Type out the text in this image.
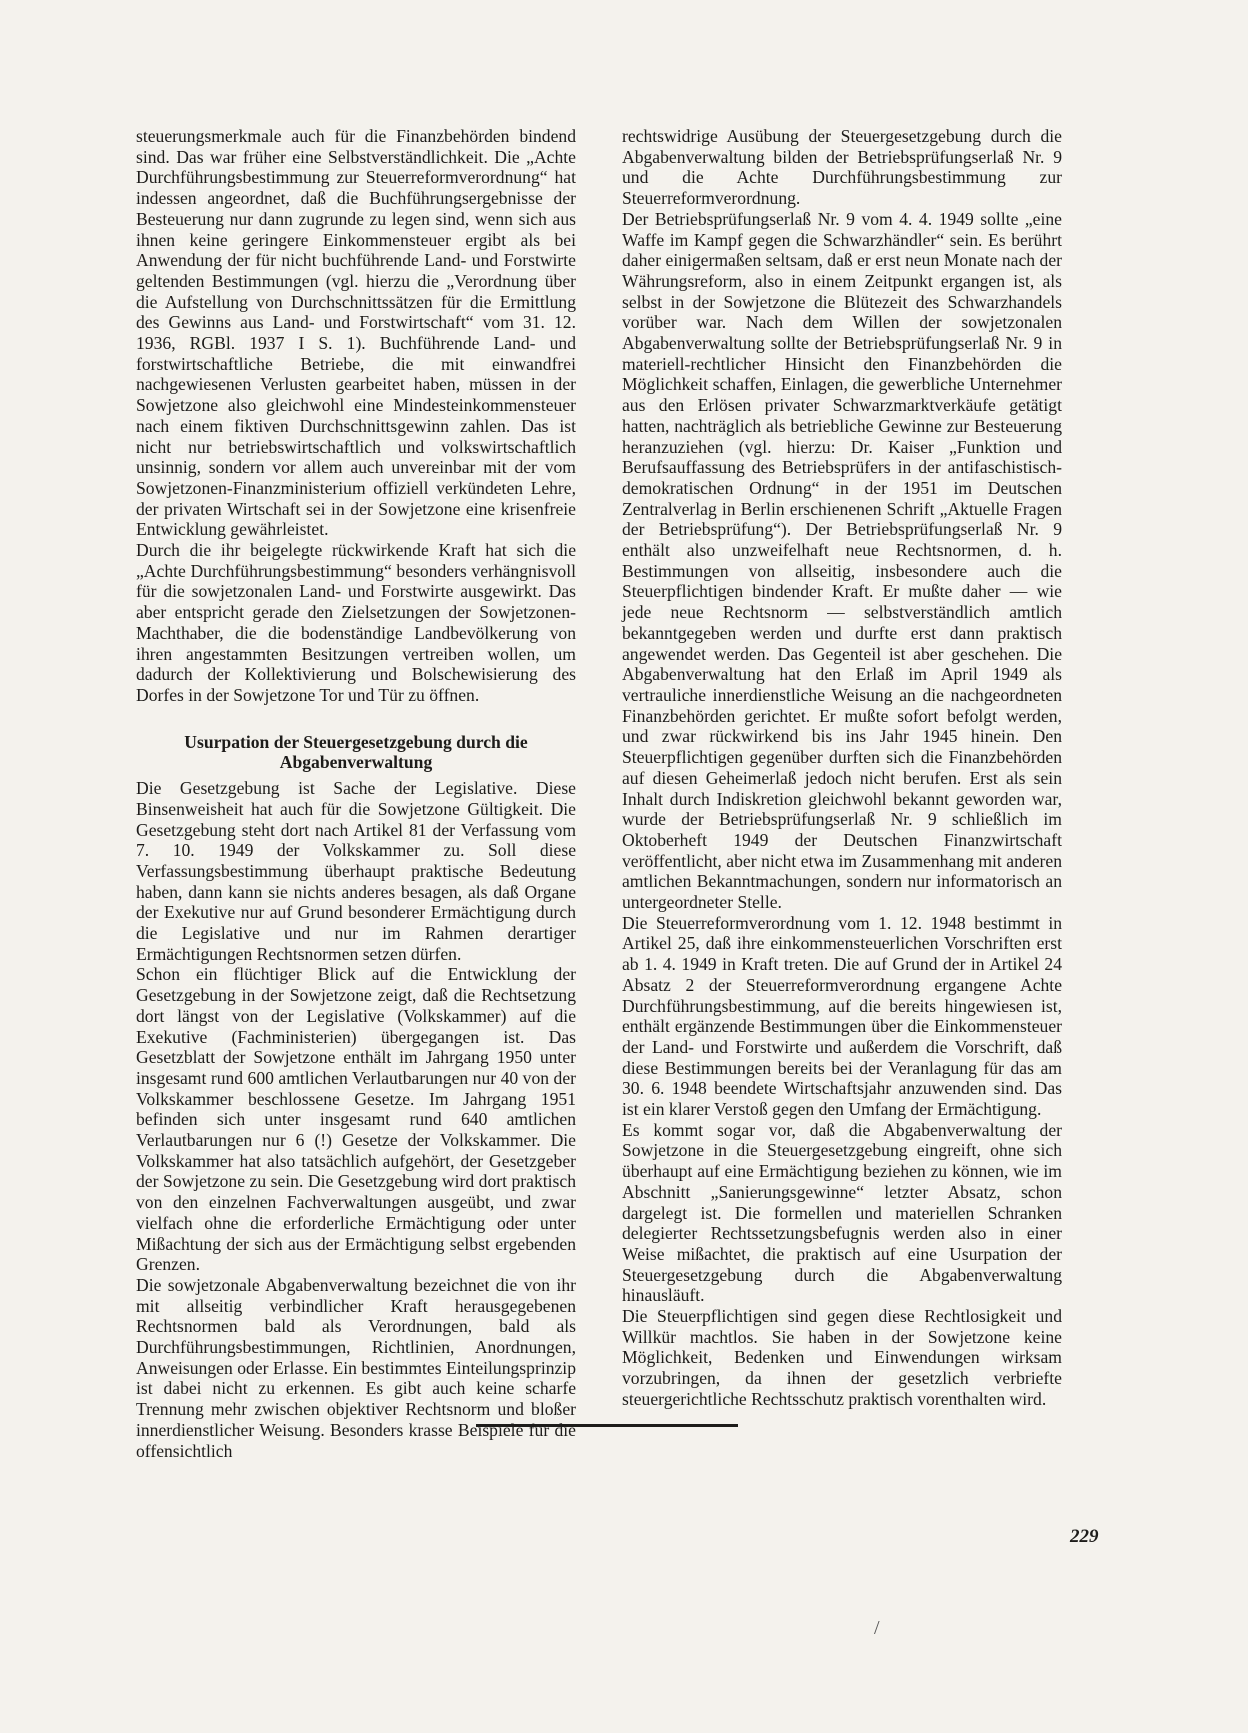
steuerungsmerkmale auch für die Finanzbehörden bindend sind. Das war früher eine Selbstverständlichkeit. Die „Achte Durchführungsbestimmung zur Steuerreformverordnung“ hat indessen angeordnet, daß die Buchführungsergebnisse der Besteuerung nur dann zugrunde zu legen sind, wenn sich aus ihnen keine geringere Einkommensteuer ergibt als bei Anwendung der für nicht buchführende Land- und Forstwirte geltenden Bestimmungen (vgl. hierzu die „Verordnung über die Aufstellung von Durchschnittssätzen für die Ermittlung des Gewinns aus Land- und Forstwirtschaft“ vom 31. 12. 1936, RGBl. 1937 I S. 1). Buchführende Land- und forstwirtschaftliche Betriebe, die mit einwandfrei nachgewiesenen Verlusten gearbeitet haben, müssen in der Sowjetzone also gleichwohl eine Mindesteinkommensteuer nach einem fiktiven Durchschnittsgewinn zahlen. Das ist nicht nur betriebswirtschaftlich und volkswirtschaftlich unsinnig, sondern vor allem auch unvereinbar mit der vom Sowjetzonen-Finanzministerium offiziell verkündeten Lehre, der privaten Wirtschaft sei in der Sowjetzone eine krisenfreie Entwicklung gewährleistet.

Durch die ihr beigelegte rückwirkende Kraft hat sich die „Achte Durchführungsbestimmung“ besonders verhängnisvoll für die sowjetzonalen Land- und Forstwirte ausgewirkt. Das aber entspricht gerade den Zielsetzungen der Sowjetzonen-Machthaber, die die bodenständige Landbevölkerung von ihren angestammten Besitzungen vertreiben wollen, um dadurch der Kollektivierung und Bolschewisierung des Dorfes in der Sowjetzone Tor und Tür zu öffnen.

Usurpation der Steuergesetzgebung durch die Abgabenverwaltung

Die Gesetzgebung ist Sache der Legislative. Diese Binsenweisheit hat auch für die Sowjetzone Gültigkeit. Die Gesetzgebung steht dort nach Artikel 81 der Verfassung vom 7. 10. 1949 der Volkskammer zu. Soll diese Verfassungsbestimmung überhaupt praktische Bedeutung haben, dann kann sie nichts anderes besagen, als daß Organe der Exekutive nur auf Grund besonderer Ermächtigung durch die Legislative und nur im Rahmen derartiger Ermächtigungen Rechtsnormen setzen dürfen.

Schon ein flüchtiger Blick auf die Entwicklung der Gesetzgebung in der Sowjetzone zeigt, daß die Rechtsetzung dort längst von der Legislative (Volkskammer) auf die Exekutive (Fachministerien) übergegangen ist. Das Gesetzblatt der Sowjetzone enthält im Jahrgang 1950 unter insgesamt rund 600 amtlichen Verlautbarungen nur 40 von der Volkskammer beschlossene Gesetze. Im Jahrgang 1951 befinden sich unter insgesamt rund 640 amtlichen Verlautbarungen nur 6 (!) Gesetze der Volkskammer. Die Volkskammer hat also tatsächlich aufgehört, der Gesetzgeber der Sowjetzone zu sein. Die Gesetzgebung wird dort praktisch von den einzelnen Fachverwaltungen ausgeübt, und zwar vielfach ohne die erforderliche Ermächtigung oder unter Mißachtung der sich aus der Ermächtigung selbst ergebenden Grenzen.

Die sowjetzonale Abgabenverwaltung bezeichnet die von ihr mit allseitig verbindlicher Kraft herausgegebenen Rechtsnormen bald als Verordnungen, bald als Durchführungsbestimmungen, Richtlinien, Anordnungen, Anweisungen oder Erlasse. Ein bestimmtes Einteilungsprinzip ist dabei nicht zu erkennen. Es gibt auch keine scharfe Trennung mehr zwischen objektiver Rechtsnorm und bloßer innerdienstlicher Weisung. Besonders krasse Beispiele für die offensichtlich

rechtswidrige Ausübung der Steuergesetzgebung durch die Abgabenverwaltung bilden der Betriebsprüfungserlaß Nr. 9 und die Achte Durchführungsbestimmung zur Steuerreformverordnung.

Der Betriebsprüfungserlaß Nr. 9 vom 4. 4. 1949 sollte „eine Waffe im Kampf gegen die Schwarzhändler“ sein. Es berührt daher einigermaßen seltsam, daß er erst neun Monate nach der Währungsreform, also in einem Zeitpunkt ergangen ist, als selbst in der Sowjetzone die Blütezeit des Schwarzhandels vorüber war. Nach dem Willen der sowjetzonalen Abgabenverwaltung sollte der Betriebsprüfungserlaß Nr. 9 in materiell-rechtlicher Hinsicht den Finanzbehörden die Möglichkeit schaffen, Einlagen, die gewerbliche Unternehmer aus den Erlösen privater Schwarzmarktverkäufe getätigt hatten, nachträglich als betriebliche Gewinne zur Besteuerung heranzuziehen (vgl. hierzu: Dr. Kaiser „Funktion und Berufsauffassung des Betriebsprüfers in der antifaschistisch-demokratischen Ordnung“ in der 1951 im Deutschen Zentralverlag in Berlin erschienenen Schrift „Aktuelle Fragen der Betriebsprüfung“). Der Betriebsprüfungserlaß Nr. 9 enthält also unzweifelhaft neue Rechtsnormen, d. h. Bestimmungen von allseitig, insbesondere auch die Steuerpflichtigen bindender Kraft. Er mußte daher — wie jede neue Rechtsnorm — selbstverständlich amtlich bekanntgegeben werden und durfte erst dann praktisch angewendet werden. Das Gegenteil ist aber geschehen. Die Abgabenverwaltung hat den Erlaß im April 1949 als vertrauliche innerdienstliche Weisung an die nachgeordneten Finanzbehörden gerichtet. Er mußte sofort befolgt werden, und zwar rückwirkend bis ins Jahr 1945 hinein. Den Steuerpflichtigen gegenüber durften sich die Finanzbehörden auf diesen Geheimerlaß jedoch nicht berufen. Erst als sein Inhalt durch Indiskretion gleichwohl bekannt geworden war, wurde der Betriebsprüfungserlaß Nr. 9 schließlich im Oktoberheft 1949 der Deutschen Finanzwirtschaft veröffentlicht, aber nicht etwa im Zusammenhang mit anderen amtlichen Bekanntmachungen, sondern nur informatorisch an untergeordneter Stelle.

Die Steuerreformverordnung vom 1. 12. 1948 bestimmt in Artikel 25, daß ihre einkommensteuerlichen Vorschriften erst ab 1. 4. 1949 in Kraft treten. Die auf Grund der in Artikel 24 Absatz 2 der Steuerreformverordnung ergangene Achte Durchführungsbestimmung, auf die bereits hingewiesen ist, enthält ergänzende Bestimmungen über die Einkommensteuer der Land- und Forstwirte und außerdem die Vorschrift, daß diese Bestimmungen bereits bei der Veranlagung für das am 30. 6. 1948 beendete Wirtschaftsjahr anzuwenden sind. Das ist ein klarer Verstoß gegen den Umfang der Ermächtigung.

Es kommt sogar vor, daß die Abgabenverwaltung der Sowjetzone in die Steuergesetzgebung eingreift, ohne sich überhaupt auf eine Ermächtigung beziehen zu können, wie im Abschnitt „Sanierungsgewinne“ letzter Absatz, schon dargelegt ist. Die formellen und materiellen Schranken delegierter Rechtssetzungsbefugnis werden also in einer Weise mißachtet, die praktisch auf eine Usurpation der Steuergesetzgebung durch die Abgabenverwaltung hinausläuft.

Die Steuerpflichtigen sind gegen diese Rechtlosigkeit und Willkür machtlos. Sie haben in der Sowjetzone keine Möglichkeit, Bedenken und Einwendungen wirksam vorzubringen, da ihnen der gesetzlich verbriefte steuergerichtliche Rechtsschutz praktisch vorenthalten wird.

229
/
